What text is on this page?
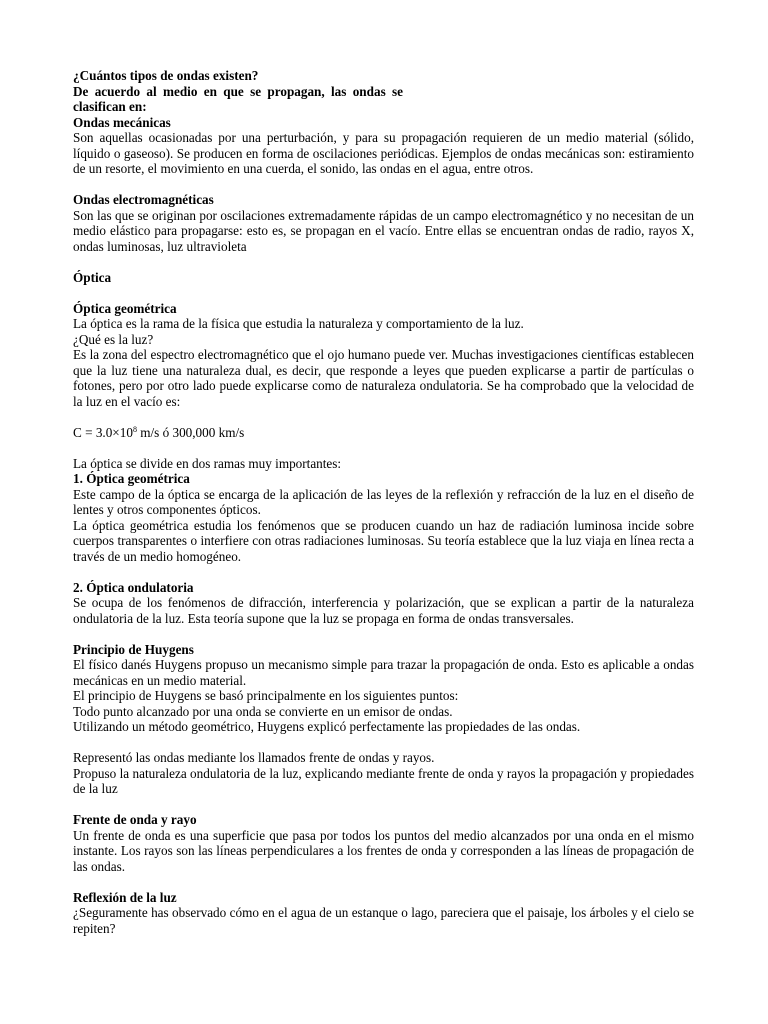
¿Cuántos tipos de ondas existen?

De acuerdo al medio en que se propagan, las ondas se clasifican en:

Ondas mecánicas

Son aquellas ocasionadas por una perturbación, y para su propagación requieren de un medio material (sólido, líquido o gaseoso). Se producen en forma de oscilaciones periódicas. Ejemplos de ondas mecánicas son: estiramiento de un resorte, el movimiento en una cuerda, el sonido, las ondas en el agua, entre otros.

Ondas electromagnéticas

Son las que se originan por oscilaciones extremadamente rápidas de un campo electromagnético y no necesitan de un medio elástico para propagarse: esto es, se propagan en el vacío. Entre ellas se encuentran ondas de radio, rayos X, ondas luminosas, luz ultravioleta

Óptica

Óptica geométrica

La óptica es la rama de la física que estudia la naturaleza y comportamiento de la luz.

¿Qué es la luz?

Es la zona del espectro electromagnético que el ojo humano puede ver. Muchas investigaciones científicas establecen que la luz tiene una naturaleza dual, es decir, que responde a leyes que pueden explicarse a partir de partículas o fotones, pero por otro lado puede explicarse como de naturaleza ondulatoria. Se ha comprobado que la velocidad de la luz en el vacío es:

$C = 3.0\times 10^8$ m/s ó 300,000 km/s

La óptica se divide en dos ramas muy importantes:

1. Óptica geométrica

Este campo de la óptica se encarga de la aplicación de las leyes de la reflexión y refracción de la luz en el diseño de lentes y otros componentes ópticos.

La óptica geométrica estudia los fenómenos que se producen cuando un haz de radiación luminosa incide sobre cuerpos transparentes o interfiere con otras radiaciones luminosas. Su teoría establece que la luz viaja en línea recta a través de un medio homogéneo.

2. Óptica ondulatoria

Se ocupa de los fenómenos de difracción, interferencia y polarización, que se explican a partir de la naturaleza ondulatoria de la luz. Esta teoría supone que la luz se propaga en forma de ondas transversales.

Principio de Huygens

El físico danés Huygens propuso un mecanismo simple para trazar la propagación de onda. Esto es aplicable a ondas mecánicas en un medio material.

El principio de Huygens se basó principalmente en los siguientes puntos:

Todo punto alcanzado por una onda se convierte en un emisor de ondas.

Utilizando un método geométrico, Huygens explicó perfectamente las propiedades de las ondas.

Representó las ondas mediante los llamados frente de ondas y rayos.

Propuso la naturaleza ondulatoria de la luz, explicando mediante frente de onda y rayos la propagación y propiedades de la luz

Frente de onda y rayo

Un frente de onda es una superficie que pasa por todos los puntos del medio alcanzados por una onda en el mismo instante. Los rayos son las líneas perpendiculares a los frentes de onda y corresponden a las líneas de propagación de las ondas.

Reflexión de la luz

¿Seguramente has observado cómo en el agua de un estanque o lago, pareciera que el paisaje, los árboles y el cielo se repiten?
